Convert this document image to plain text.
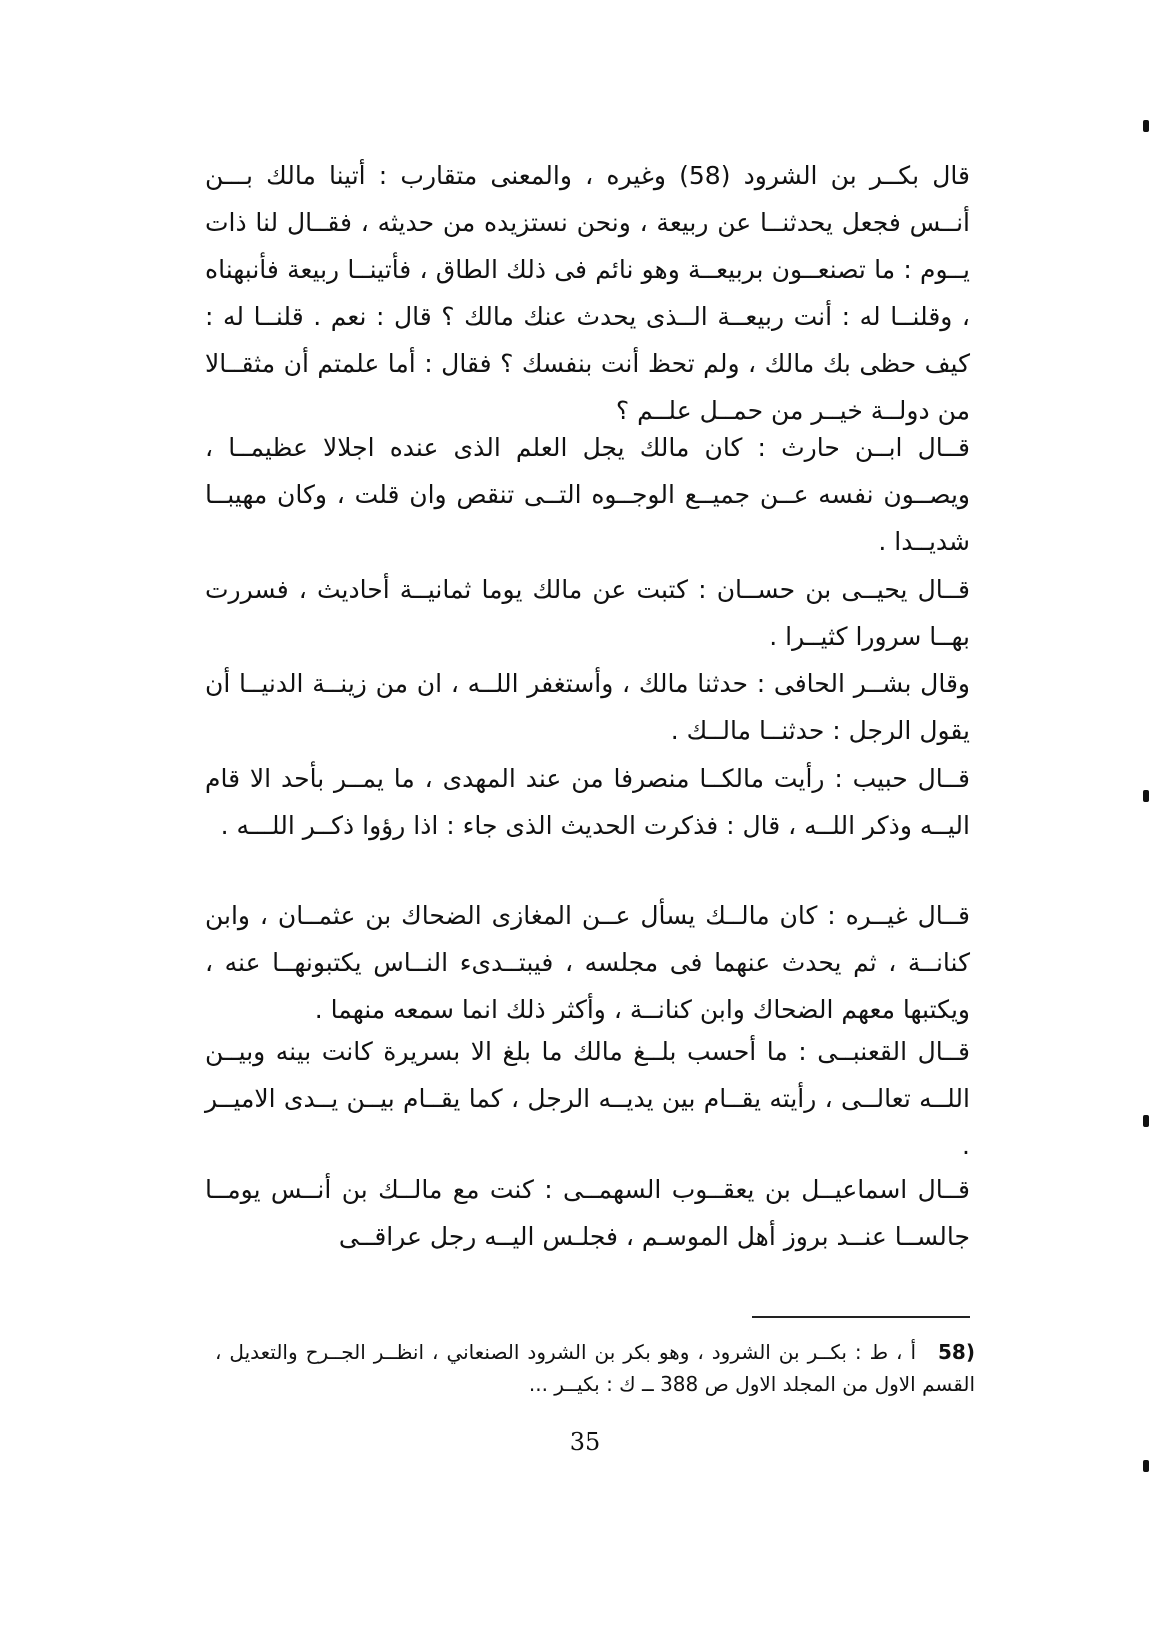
قال بكــر بن الشرود (58) وغيره ، والمعنى متقارب : أتينا مالك بـــن أنــس فجعل يحدثنــا عن ربيعة ، ونحن نستزيده من حديثه ، فقــال لنا ذات يــوم : ما تصنعــون بربيعــة وهو نائم فى ذلك الطاق ، فأتينــا ربيعة فأنبهناه ، وقلنــا له : أنت ربيعــة الــذى يحدث عنك مالك ؟ قال : نعم . قلنــا له : كيف حظى بك مالك ، ولم تحظ أنت بنفسك ؟ فقال : أما علمتم أن مثقــالا من دولــة خيــر من حمــل علــم ؟

قــال ابــن حارث : كان مالك يجل العلم الذى عنده اجلالا عظيمــا ، ويصــون نفسه عــن جميــع الوجــوه التــى تنقص وان قلت ، وكان مهيبــا شديــدا .

قــال يحيــى بن حســان : كتبت عن مالك يوما ثمانيــة أحاديث ، فسررت بهــا سرورا كثيــرا .

وقال بشــر الحافى : حدثنا مالك ، وأستغفر اللــه ، ان من زينــة الدنيــا أن يقول الرجل : حدثنــا مالــك .

قــال حبيب : رأيت مالكــا منصرفا من عند المهدى ، ما يمــر بأحد الا قام اليــه وذكر اللــه ، قال : فذكرت الحديث الذى جاء : اذا رؤوا ذكــر اللـــه .

قــال غيــره : كان مالــك يسأل عــن المغازى الضحاك بن عثمــان ، وابن كنانــة ، ثم يحدث عنهما فى مجلسه ، فيبتــدىء النــاس يكتبونهــا عنه ، ويكتبها معهم الضحاك وابن كنانــة ، وأكثر ذلك انما سمعه منهما .

قــال القعنبــى : ما أحسب بلــغ مالك ما بلغ الا بسريرة كانت بينه وبيــن اللــه تعالــى ، رأيته يقــام بين يديــه الرجل ، كما يقــام بيــن يــدى الاميــر .

قــال اسماعيــل بن يعقــوب السهمــى : كنت مع مالــك بن أنــس يومــا جالســا عنــد بروز أهل الموسـم ، فجلـس اليــه رجل عراقــى

(58 أ ، ط : بكــر بن الشرود ، وهو بكر بن الشرود الصنعاني ، انظــر الجــرح والتعديل ، القسم الاول من المجلد الاول ص 388 ــ ك : بكيــر ...

35
